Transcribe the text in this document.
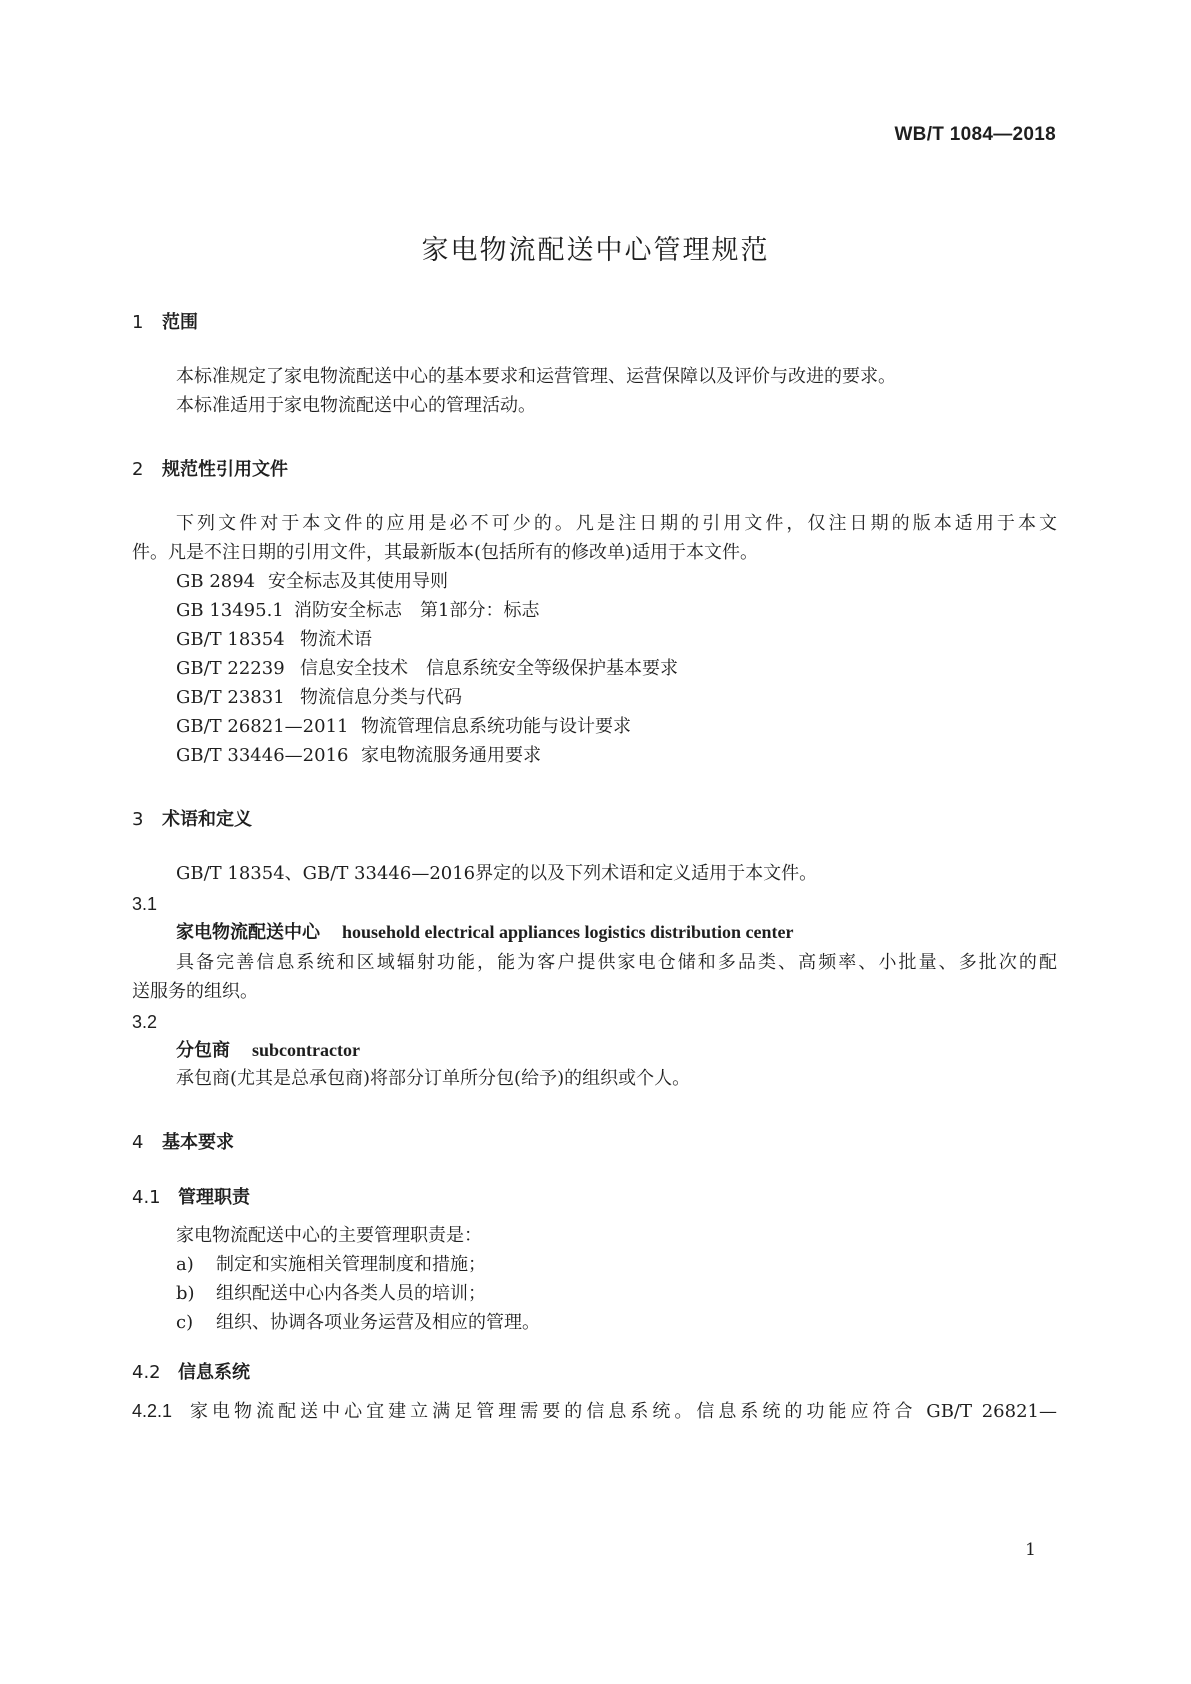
WB/T 1084—2018
家电物流配送中心管理规范
1 范围
本标准规定了家电物流配送中心的基本要求和运营管理、运营保障以及评价与改进的要求。
本标准适用于家电物流配送中心的管理活动。
2 规范性引用文件
下列文件对于本文件的应用是必不可少的。凡是注日期的引用文件，仅注日期的版本适用于本文
件。凡是不注日期的引用文件，其最新版本(包括所有的修改单)适用于本文件。
GB 2894 安全标志及其使用导则
GB 13495.1 消防安全标志　第1部分：标志
GB/T 18354 物流术语
GB/T 22239 信息安全技术　信息系统安全等级保护基本要求
GB/T 23831 物流信息分类与代码
GB/T 26821—2011 物流管理信息系统功能与设计要求
GB/T 33446—2016 家电物流服务通用要求
3 术语和定义
GB/T 18354、GB/T 33446—2016界定的以及下列术语和定义适用于本文件。
3.1
家电物流配送中心 household electrical appliances logistics distribution center
具备完善信息系统和区域辐射功能，能为客户提供家电仓储和多品类、高频率、小批量、多批次的配
送服务的组织。
3.2
分包商 subcontractor
承包商(尤其是总承包商)将部分订单所分包(给予)的组织或个人。
4 基本要求
4.1 管理职责
家电物流配送中心的主要管理职责是：
a) 制定和实施相关管理制度和措施；
b) 组织配送中心内各类人员的培训；
c) 组织、协调各项业务运营及相应的管理。
4.2 信息系统
4.2.1 家电物流配送中心宜建立满足管理需要的信息系统。信息系统的功能应符合 GB/T 26821—
1
